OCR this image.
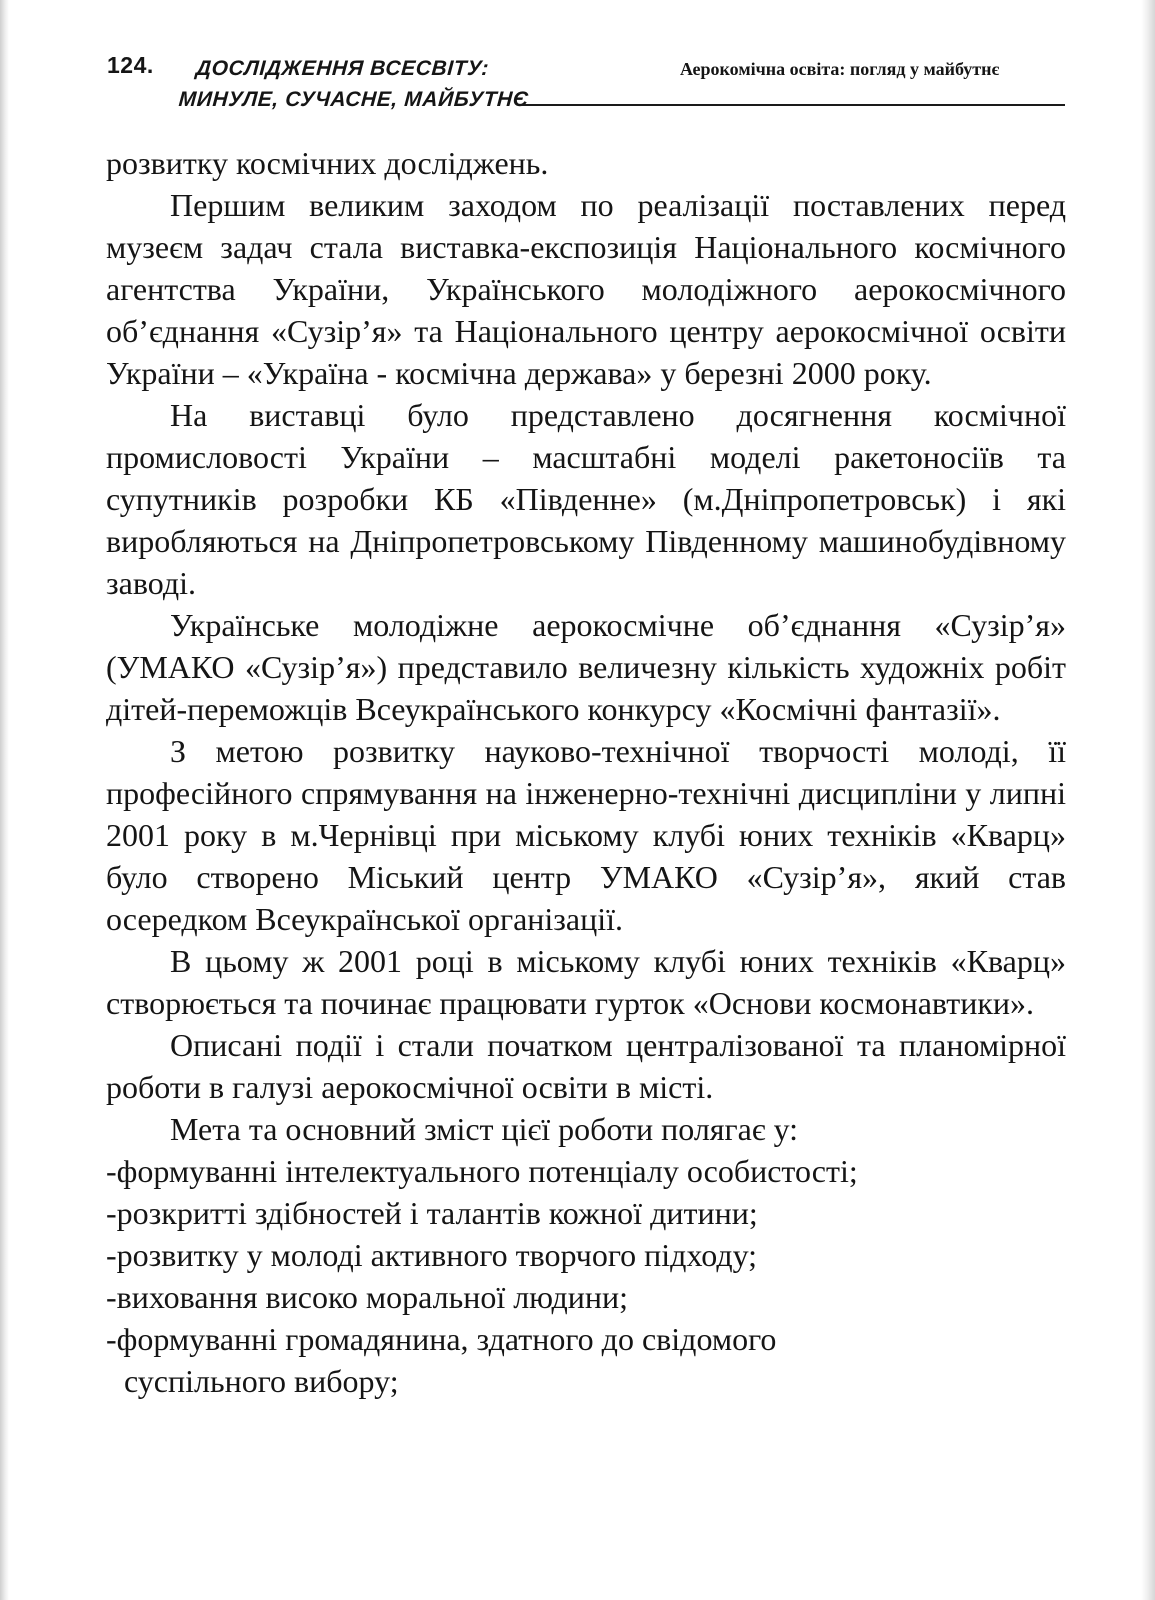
124. ДОСЛІДЖЕННЯ ВСЕСВІТУ:
МИНУЛЕ, СУЧАСНЕ, МАЙБУТНЄ
Аерокомічна освіта: погляд у майбутнє

розвитку космічних досліджень.

Першим великим заходом по реалізації поставлених перед музеєм задач стала виставка-експозиція Національного космічного агентства України, Українського молодіжного аерокосмічного об’єднання «Сузір’я» та Національного центру аерокосмічної освіти України – «Україна - космічна держава» у березні 2000 року.

На виставці було представлено досягнення космічної промисловості України – масштабні моделі ракетоносіїв та супутників розробки КБ «Південне» (м.Дніпропетровськ) і які виробляються на Дніпропетровському Південному машинобудівному заводі.

Українське молодіжне аерокосмічне об’єднання «Сузір’я» (УМАКО «Сузір’я») представило величезну кількість художніх робіт дітей-переможців Всеукраїнського конкурсу «Космічні фантазії».

З метою розвитку науково-технічної творчості молоді, її професійного спрямування на інженерно-технічні дисципліни у липні 2001 року в м.Чернівці при міському клубі юних техніків «Кварц» було створено Міський центр УМАКО «Сузір’я», який став осередком Всеукраїнської організації.

В цьому ж 2001 році в міському клубі юних техніків «Кварц» створюється та починає працювати гурток «Основи космонавтики».

Описані події і стали початком централізованої та планомірної роботи в галузі аерокосмічної освіти в місті.

Мета та основний зміст цієї роботи полягає у:

-формуванні інтелектуального потенціалу особистості;

-розкритті здібностей і талантів кожної дитини;

-розвитку у молоді активного творчого підходу;

-виховання високо моральної людини;

-формуванні громадянина, здатного до свідомого

суспільного вибору;
